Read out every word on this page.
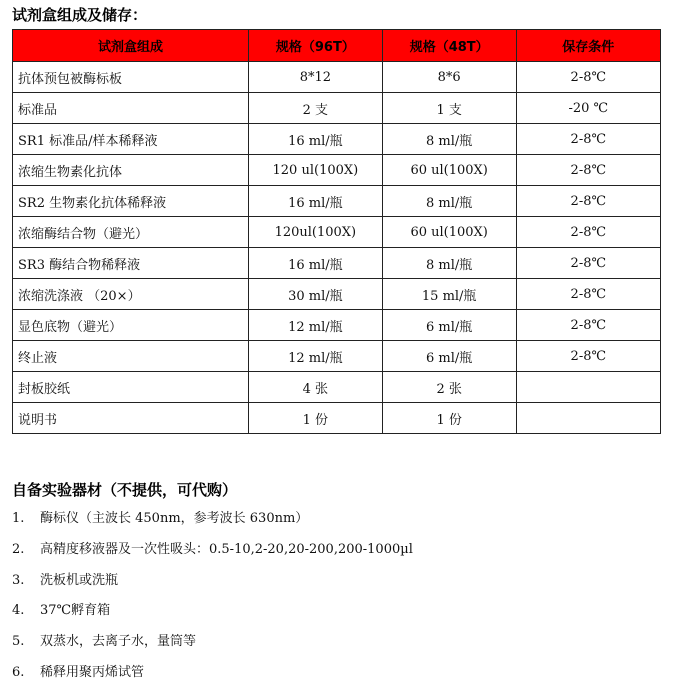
试剂盒组成及储存：
试剂盒组成	规格（96T）	规格（48T）	保存条件
抗体预包被酶标板	8*12	8*6	2-8℃
标准品	2 支	1 支	-20 ℃
SR1 标准品/样本稀释液	16 ml/瓶	8 ml/瓶	2-8℃
浓缩生物素化抗体	120 ul(100X)	60 ul(100X)	2-8℃
SR2 生物素化抗体稀释液	16 ml/瓶	8 ml/瓶	2-8℃
浓缩酶结合物（避光）	120ul(100X)	60 ul(100X)	2-8℃
SR3 酶结合物稀释液	16 ml/瓶	8 ml/瓶	2-8℃
浓缩洗涤液 （20×）	30 ml/瓶	15 ml/瓶	2-8℃
显色底物（避光）	12 ml/瓶	6 ml/瓶	2-8℃
终止液	12 ml/瓶	6 ml/瓶	2-8℃
封板胶纸	4 张	2 张	
说明书	1 份	1 份	
自备实验器材（不提供，可代购）
1.	酶标仪（主波长 450nm，参考波长 630nm）
2.	高精度移液器及一次性吸头：0.5-10,2-20,20-200,200-1000µl
3.	洗板机或洗瓶
4.	37℃孵育箱
5.	双蒸水，去离子水，量筒等
6.	稀释用聚丙烯试管
